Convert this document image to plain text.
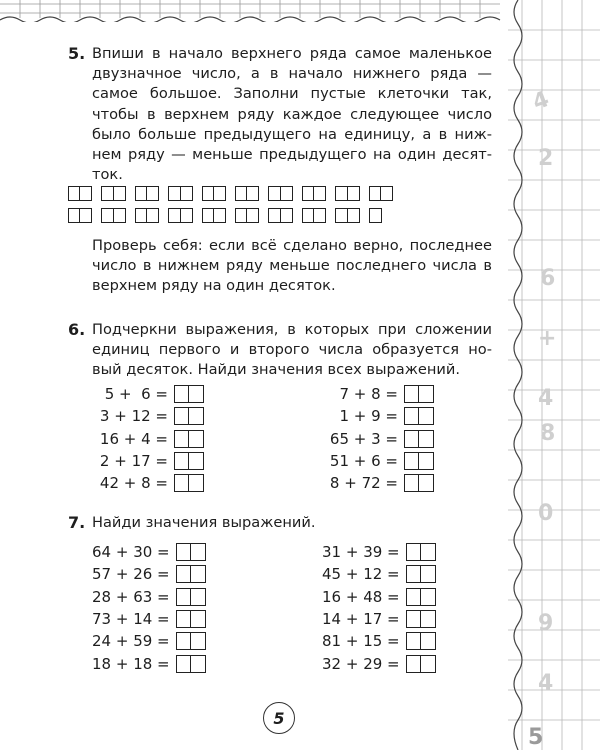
4
2
6
+
4
8
0
9
4
5
5. Впиши в начало верхнего ряда самое маленькое
двузначное число, а в начало нижнего ряда —
самое большое. Заполни пустые клеточки так,
чтобы в верхнем ряду каждое следующее число
было больше предыдущего на единицу, а в ниж-
нем ряду — меньше предыдущего на один десят-
ток.
Проверь себя: если всё сделано верно, последнее
число в нижнем ряду меньше последнего числа в
верхнем ряду на один десяток.
6. Подчеркни выражения, в которых при сложении
единиц первого и второго числа образуется но-
вый десяток. Найди значения всех выражений.
5 +  6 =
3 + 12 =
16 + 4 =
2 + 17 =
42 + 8 =
7 + 8 =
1 + 9 =
65 + 3 =
51 + 6 =
8 + 72 =
7. Найди значения выражений.
64 + 30 =
57 + 26 =
28 + 63 =
73 + 14 =
24 + 59 =
18 + 18 =
31 + 39 =
45 + 12 =
16 + 48 =
14 + 17 =
81 + 15 =
32 + 29 =
5
